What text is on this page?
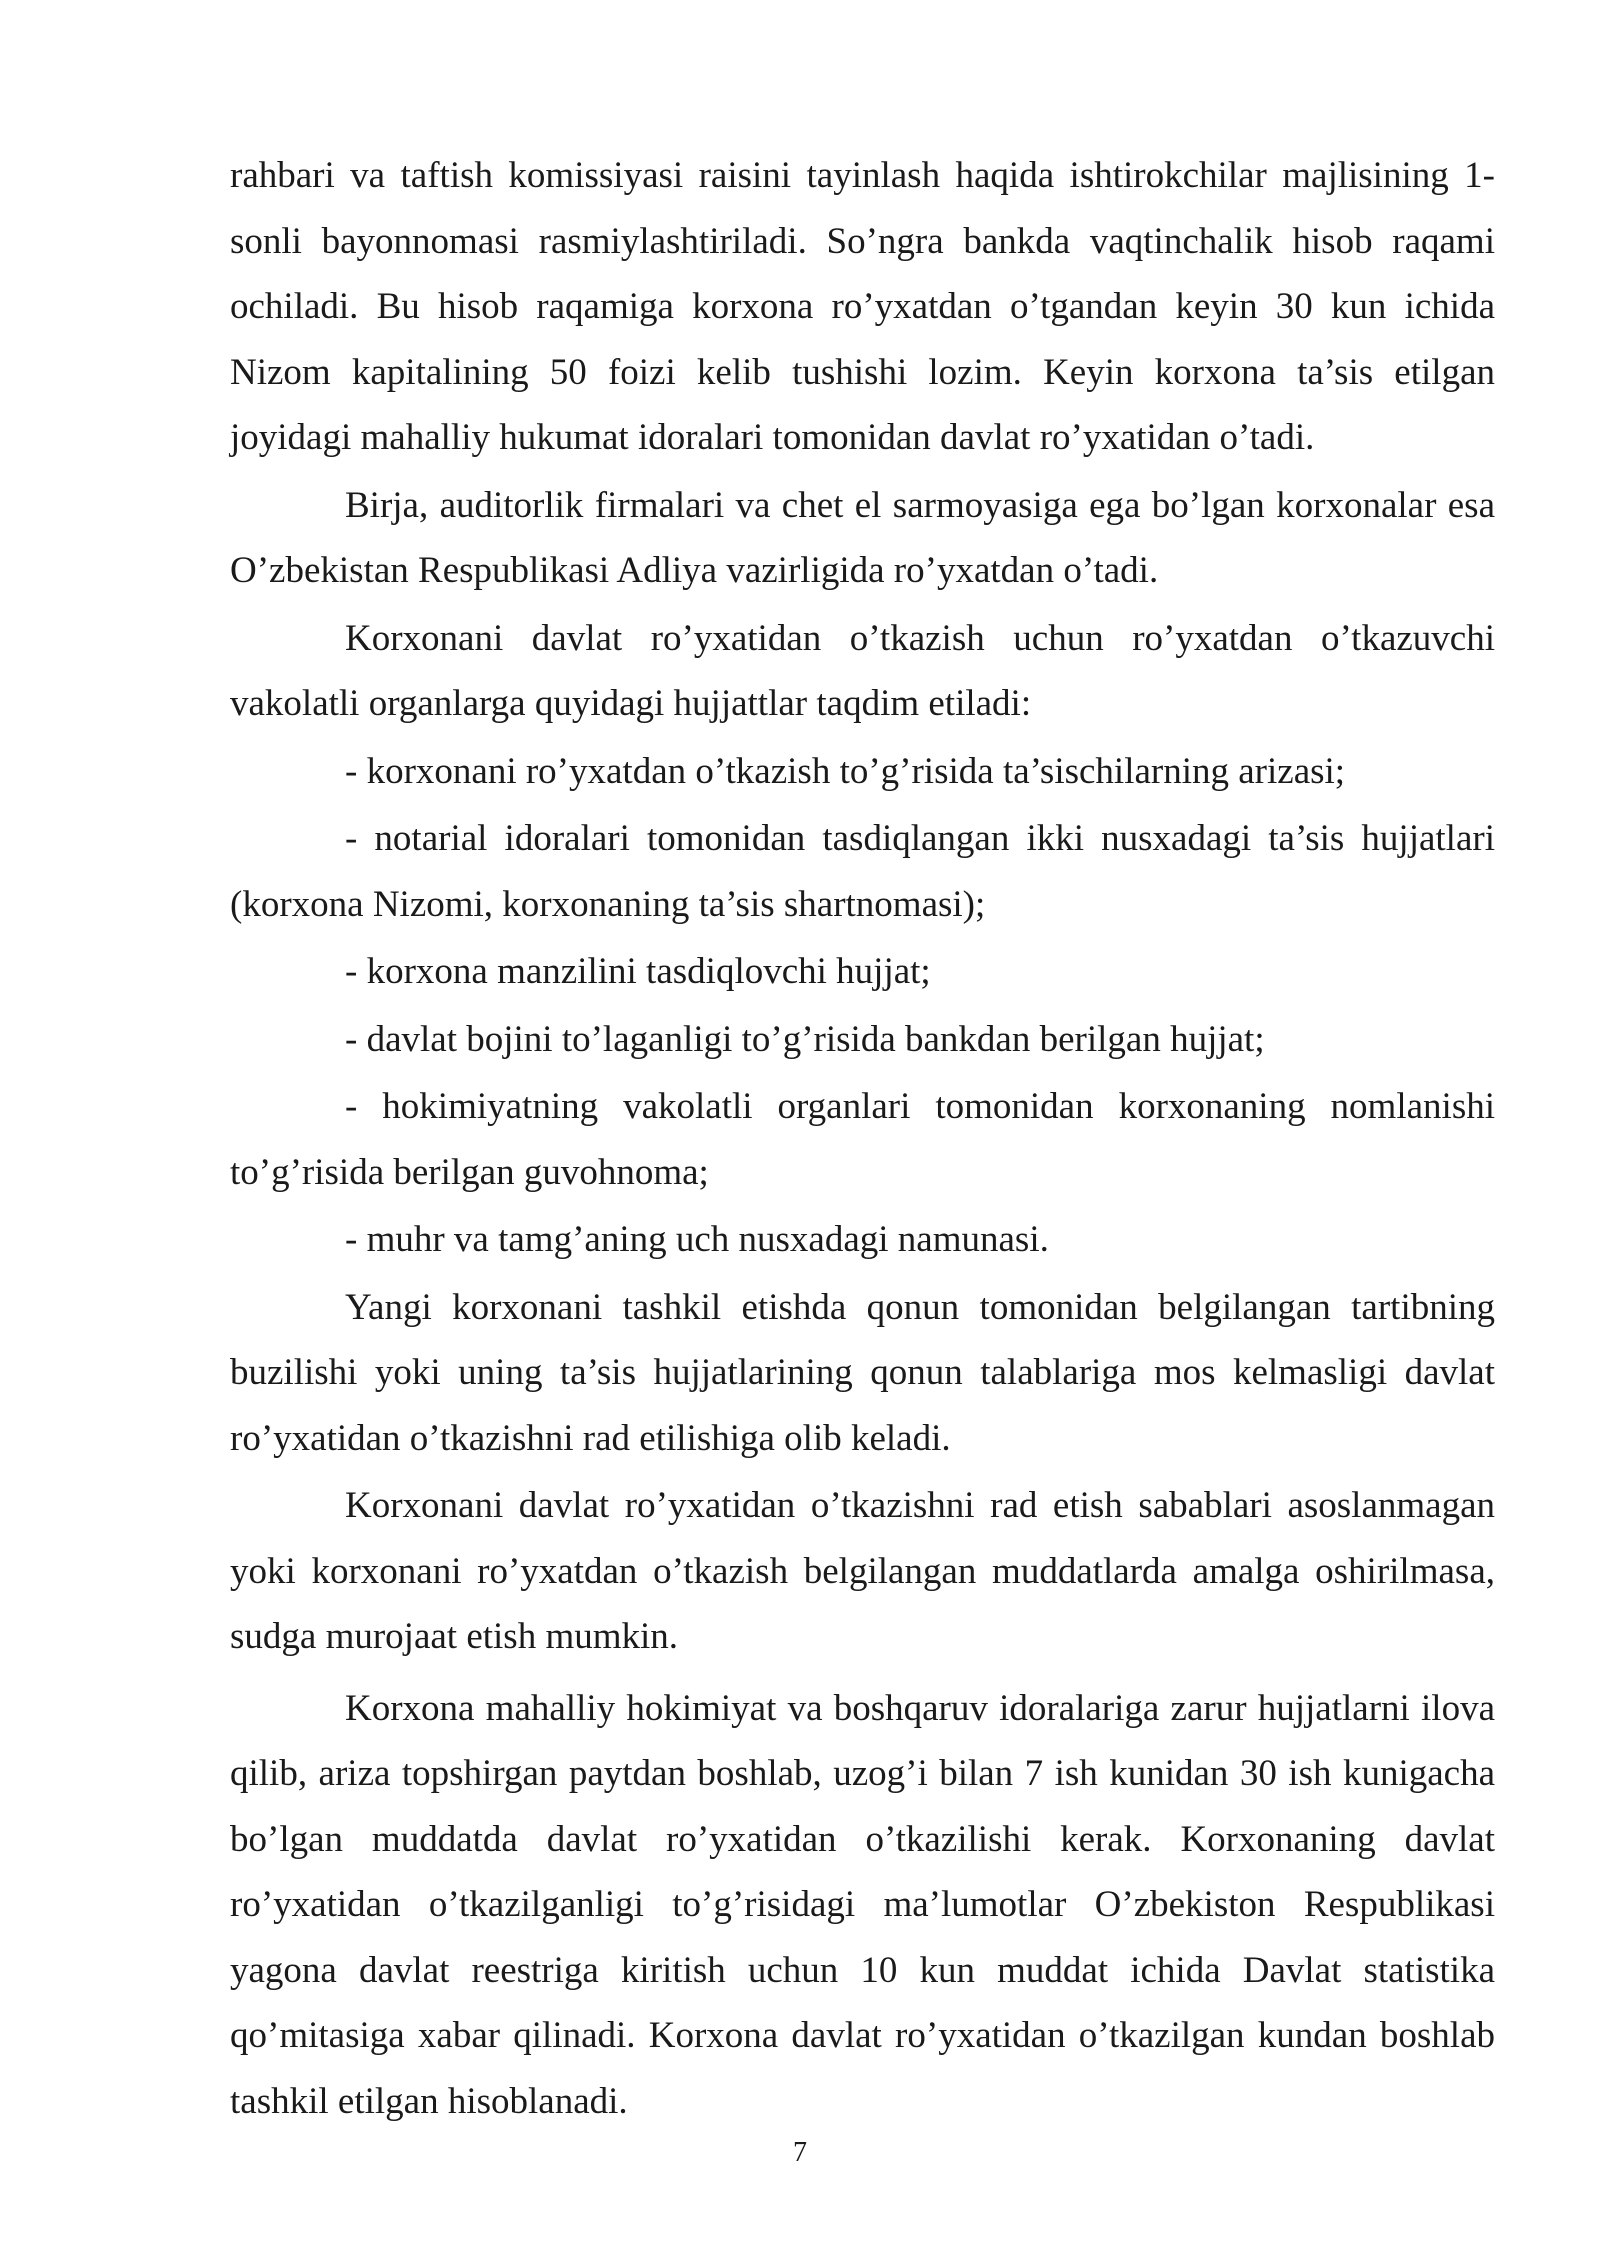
rahbari va taftish komissiyasi raisini tayinlash haqida ishtirokchilar majlisining 1-sonli bayonnomasi rasmiylashtiriladi. So’ngra bankda vaqtinchalik hisob raqami ochiladi. Bu hisob raqamiga korxona ro’yxatdan o’tgandan keyin 30 kun ichida Nizom kapitalining 50 foizi kelib tushishi lozim. Keyin korxona ta’sis etilgan joyidagi mahalliy hukumat idoralari tomonidan davlat ro’yxatidan o’tadi.

Birja, auditorlik firmalari va chet el sarmoyasiga ega bo’lgan korxonalar esa O’zbekistan Respublikasi Adliya vazirligida ro’yxatdan o’tadi.

Korxonani davlat ro’yxatidan o’tkazish uchun ro’yxatdan o’tkazuvchi vakolatli organlarga quyidagi hujjattlar taqdim etiladi:

- korxonani ro’yxatdan o’tkazish to’g’risida ta’sischilarning arizasi;

- notarial idoralari tomonidan tasdiqlangan ikki nusxadagi ta’sis hujjatlari (korxona Nizomi, korxonaning ta’sis shartnomasi);

- korxona manzilini tasdiqlovchi hujjat;

- davlat bojini to’laganligi to’g’risida bankdan berilgan hujjat;

- hokimiyatning vakolatli organlari tomonidan korxonaning nomlanishi to’g’risida berilgan guvohnoma;

- muhr va tamg’aning uch nusxadagi namunasi.

Yangi korxonani tashkil etishda qonun tomonidan belgilangan tartibning buzilishi yoki uning ta’sis hujjatlarining qonun talablariga mos kelmasligi davlat ro’yxatidan o’tkazishni rad etilishiga olib keladi.

Korxonani davlat ro’yxatidan o’tkazishni rad etish sabablari asoslanmagan yoki korxonani ro’yxatdan o’tkazish belgilangan muddatlarda amalga oshirilmasa, sudga murojaat etish mumkin.

Korxona mahalliy hokimiyat va boshqaruv idoralariga zarur hujjatlarni ilova qilib, ariza topshirgan paytdan boshlab, uzog’i bilan 7 ish kunidan 30 ish kunigacha bo’lgan muddatda davlat ro’yxatidan o’tkazilishi kerak. Korxonaning davlat ro’yxatidan o’tkazilganligi to’g’risidagi ma’lumotlar O’zbekiston Respublikasi yagona davlat reestriga kiritish uchun 10 kun muddat ichida Davlat statistika qo’mitasiga xabar qilinadi. Korxona davlat ro’yxatidan o’tkazilgan kundan boshlab tashkil etilgan hisoblanadi.

7
